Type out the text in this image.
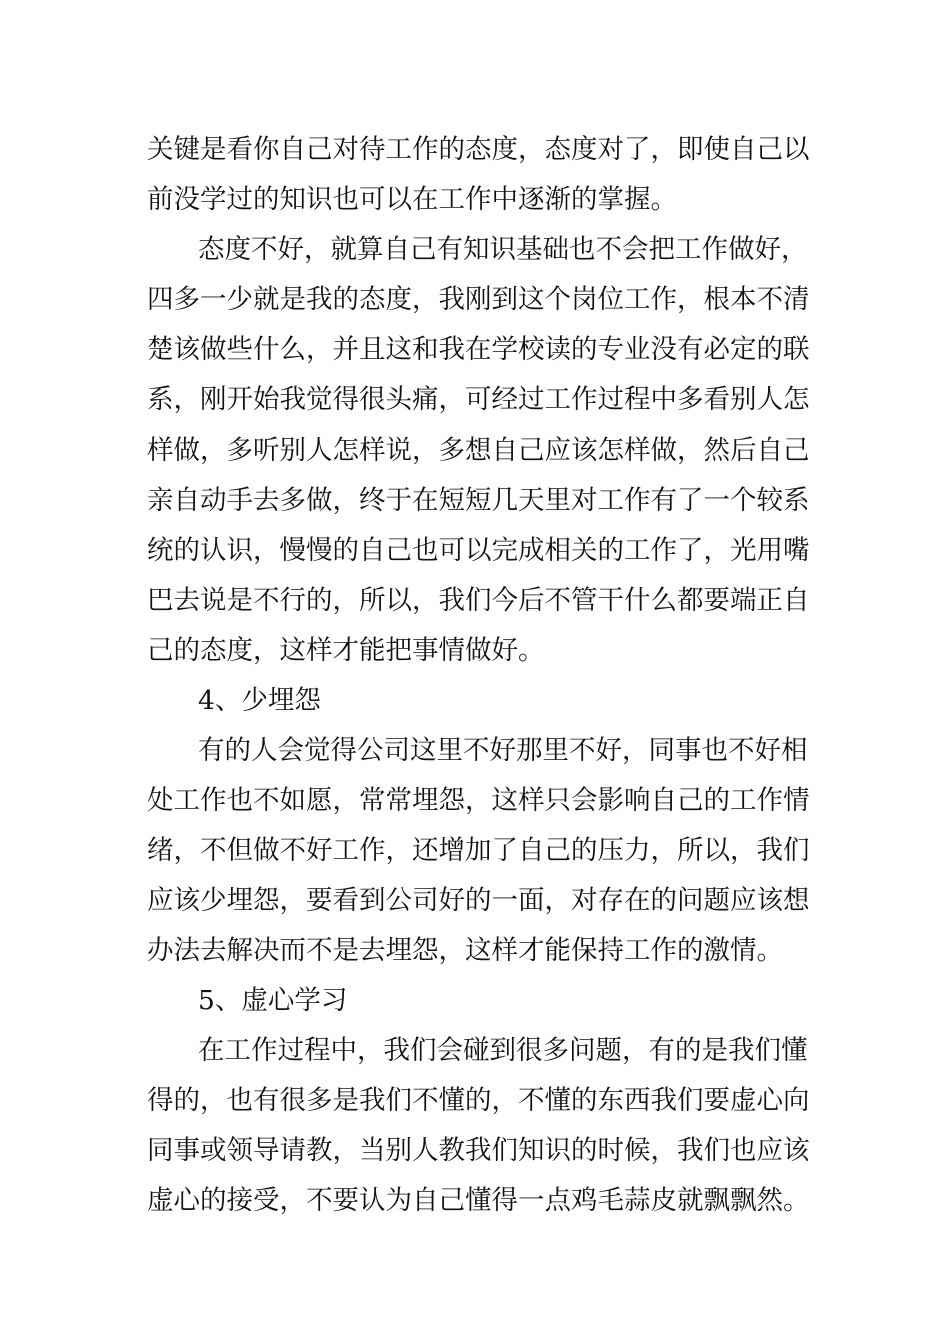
关键是看你自己对待工作的态度，态度对了，即使自己以
前没学过的知识也可以在工作中逐渐的掌握。
态度不好，就算自己有知识基础也不会把工作做好，
四多一少就是我的态度，我刚到这个岗位工作，根本不清
楚该做些什么，并且这和我在学校读的专业没有必定的联
系，刚开始我觉得很头痛，可经过工作过程中多看别人怎
样做，多听别人怎样说，多想自己应该怎样做，然后自己
亲自动手去多做，终于在短短几天里对工作有了一个较系
统的认识，慢慢的自己也可以完成相关的工作了，光用嘴
巴去说是不行的，所以，我们今后不管干什么都要端正自
己的态度，这样才能把事情做好。
4、少埋怨
有的人会觉得公司这里不好那里不好，同事也不好相
处工作也不如愿，常常埋怨，这样只会影响自己的工作情
绪，不但做不好工作，还增加了自己的压力，所以，我们
应该少埋怨，要看到公司好的一面，对存在的问题应该想
办法去解决而不是去埋怨，这样才能保持工作的激情。
5、虚心学习
在工作过程中，我们会碰到很多问题，有的是我们懂
得的，也有很多是我们不懂的，不懂的东西我们要虚心向
同事或领导请教，当别人教我们知识的时候，我们也应该
虚心的接受，不要认为自己懂得一点鸡毛蒜皮就飘飘然。
